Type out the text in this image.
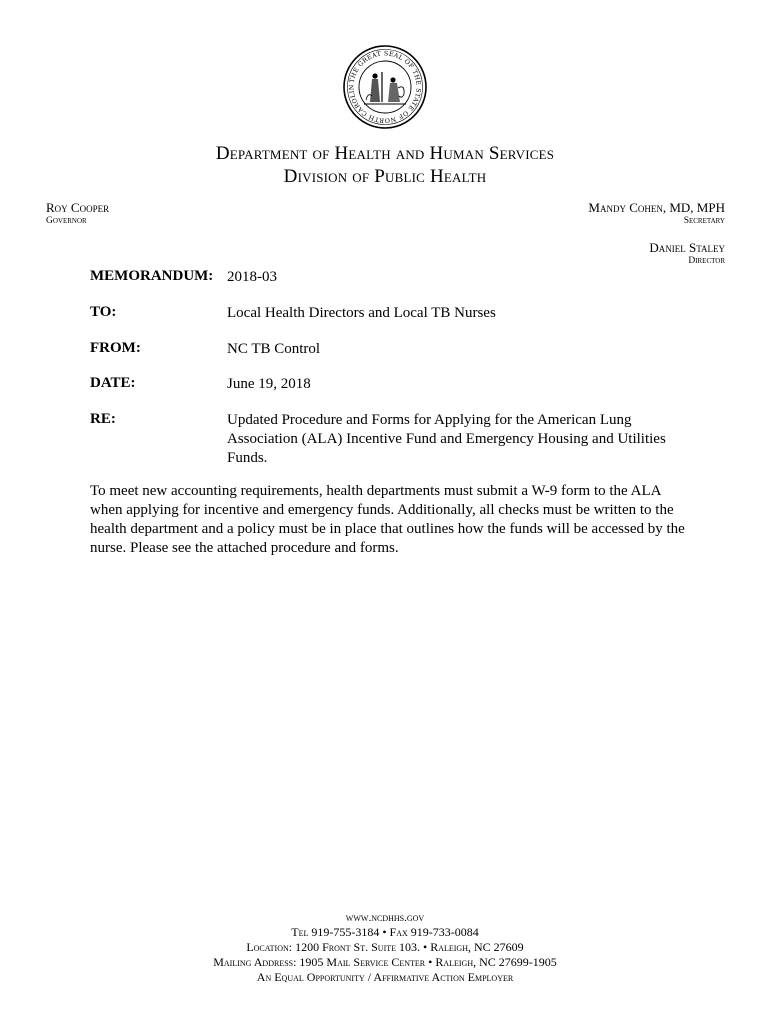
THE GREAT SEAL OF THE STATE OF NORTH CAROLIN
Department of Health and Human Services
Division of Public Health
Roy Cooper
Governor
Mandy Cohen, MD, MPH
Secretary
Daniel Staley
Director
MEMORANDUM: 2018-03
TO:	Local Health Directors and Local TB Nurses
FROM:	NC TB Control
DATE:	June 19, 2018
RE:	Updated Procedure and Forms for Applying for the American Lung Association (ALA) Incentive Fund and Emergency Housing and Utilities Funds.
To meet new accounting requirements, health departments must submit a W-9 form to the ALA when applying for incentive and emergency funds. Additionally, all checks must be written to the health department and a policy must be in place that outlines how the funds will be accessed by the nurse. Please see the attached procedure and forms.
www.ncdhhs.gov
Tel 919-755-3184 • Fax 919-733-0084
Location: 1200 Front St. Suite 103. • Raleigh, NC 27609
Mailing Address: 1905 Mail Service Center • Raleigh, NC 27699-1905
An Equal Opportunity / Affirmative Action Employer
